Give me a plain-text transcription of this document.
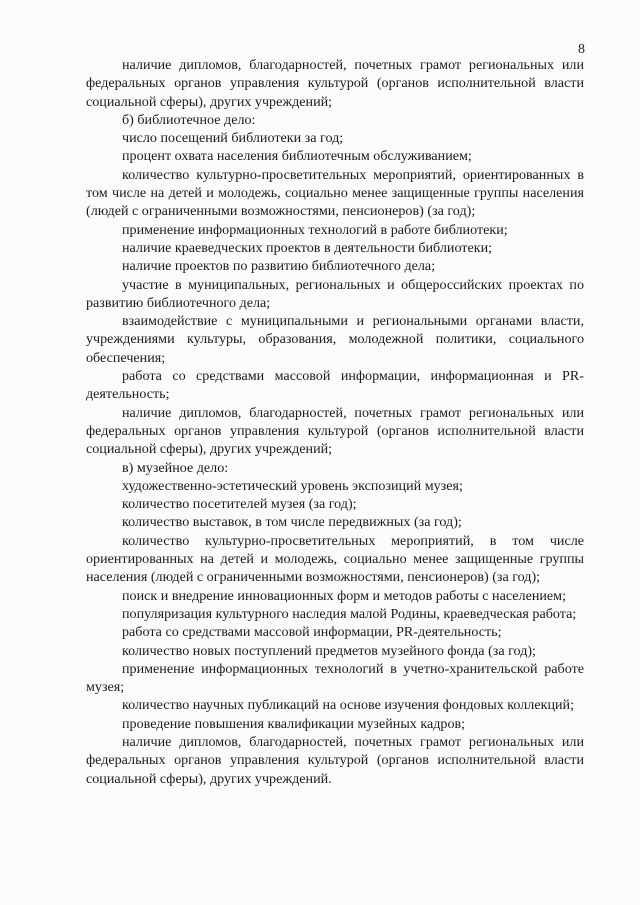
8

наличие дипломов, благодарностей, почетных грамот региональных или федеральных органов управления культурой (органов исполнительной власти социальной сферы), других учреждений;

б) библиотечное дело:

число посещений библиотеки за год;

процент охвата населения библиотечным обслуживанием;

количество культурно-просветительных мероприятий, ориентированных в том числе на детей и молодежь, социально менее защищенные группы населения (людей с ограниченными возможностями, пенсионеров) (за год);

применение информационных технологий в работе библиотеки;

наличие краеведческих проектов в деятельности библиотеки;

наличие проектов по развитию библиотечного дела;

участие в муниципальных, региональных и общероссийских проектах по развитию библиотечного дела;

взаимодействие с муниципальными и региональными органами власти, учреждениями культуры, образования, молодежной политики, социального обеспечения;

работа со средствами массовой информации, информационная и PR-деятельность;

наличие дипломов, благодарностей, почетных грамот региональных или федеральных органов управления культурой (органов исполнительной власти социальной сферы), других учреждений;

в) музейное дело:

художественно-эстетический уровень экспозиций музея;

количество посетителей музея (за год);

количество выставок, в том числе передвижных (за год);

количество культурно-просветительных мероприятий, в том числе ориентированных на детей и молодежь, социально менее защищенные группы населения (людей с ограниченными возможностями, пенсионеров) (за год);

поиск и внедрение инновационных форм и методов работы с населением;

популяризация культурного наследия малой Родины, краеведческая работа;

работа со средствами массовой информации, PR-деятельность;

количество новых поступлений предметов музейного фонда (за год);

применение информационных технологий в учетно-хранительской работе музея;

количество научных публикаций на основе изучения фондовых коллекций;

проведение повышения квалификации музейных кадров;

наличие дипломов, благодарностей, почетных грамот региональных или федеральных органов управления культурой (органов исполнительной власти социальной сферы), других учреждений.
